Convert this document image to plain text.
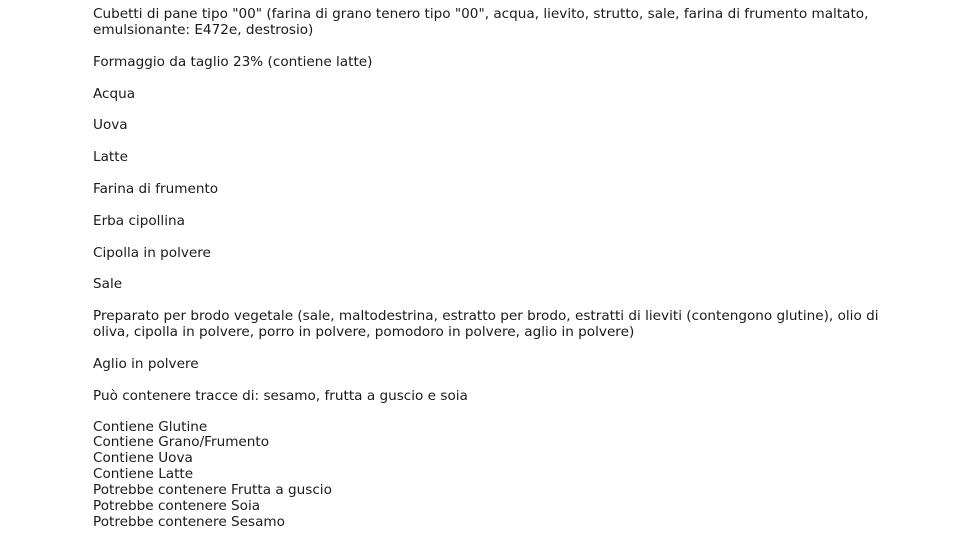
Cubetti di pane tipo "00" (farina di grano tenero tipo "00", acqua, lievito, strutto, sale, farina di frumento maltato, emulsionante: E472e, destrosio)
Formaggio da taglio 23% (contiene latte)
Acqua
Uova
Latte
Farina di frumento
Erba cipollina
Cipolla in polvere
Sale
Preparato per brodo vegetale (sale, maltodestrina, estratto per brodo, estratti di lieviti (contengono glutine), olio di oliva, cipolla in polvere, porro in polvere, pomodoro in polvere, aglio in polvere)
Aglio in polvere

Può contenere tracce di: sesamo, frutta a guscio e soia

Contiene Glutine
Contiene Grano/Frumento
Contiene Uova
Contiene Latte
Potrebbe contenere Frutta a guscio
Potrebbe contenere Soia
Potrebbe contenere Sesamo
